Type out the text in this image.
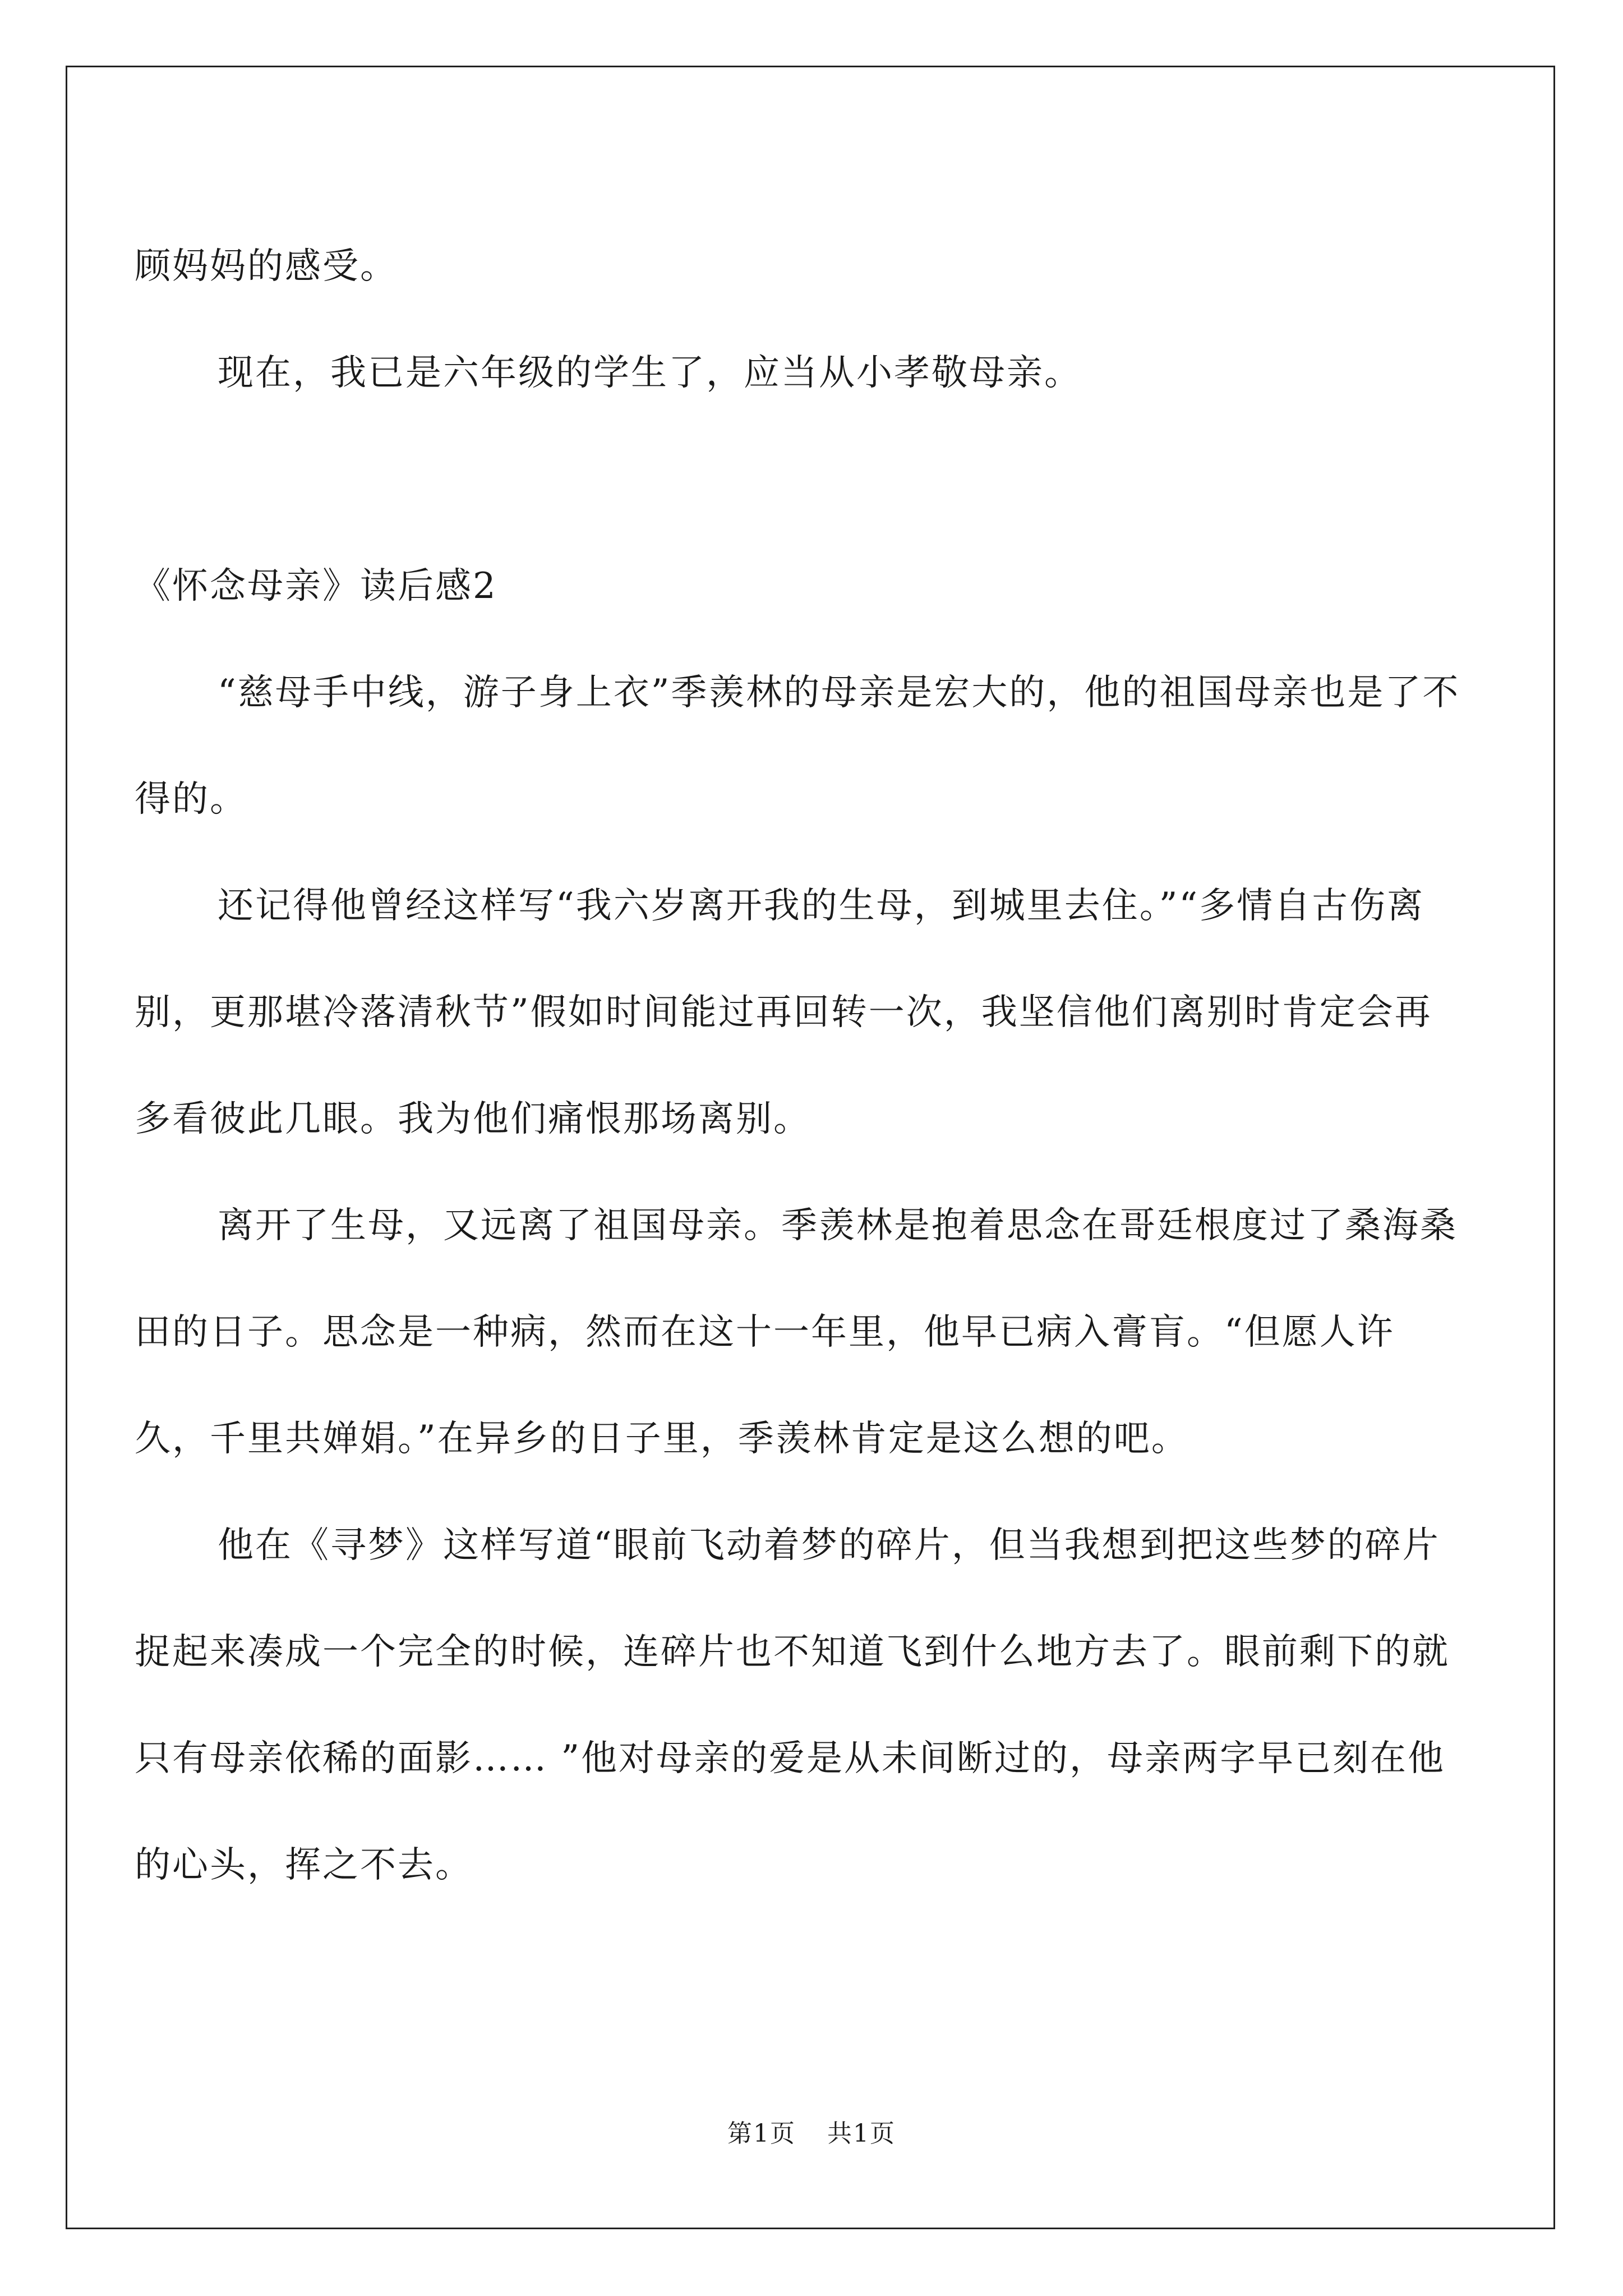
顾妈妈的感受。

现在，我已是六年级的学生了，应当从小孝敬母亲。

《怀念母亲》读后感2

“慈母手中线，游子身上衣”季羡林的母亲是宏大的，他的祖国母亲也是了不得的。

还记得他曾经这样写“我六岁离开我的生母，到城里去住。”“多情自古伤离别，更那堪冷落清秋节”假如时间能过再回转一次，我坚信他们离别时肯定会再多看彼此几眼。我为他们痛恨那场离别。

离开了生母，又远离了祖国母亲。季羡林是抱着思念在哥廷根度过了桑海桑田的日子。思念是一种病，然而在这十一年里，他早已病入膏肓。“但愿人许久，千里共婵娟。”在异乡的日子里，季羡林肯定是这么想的吧。

他在《寻梦》这样写道“眼前飞动着梦的碎片，但当我想到把这些梦的碎片捉起来凑成一个完全的时候，连碎片也不知道飞到什么地方去了。眼前剩下的就只有母亲依稀的面影…… ”他对母亲的爱是从未间断过的，母亲两字早已刻在他的心头，挥之不去。

第1页 共1页
